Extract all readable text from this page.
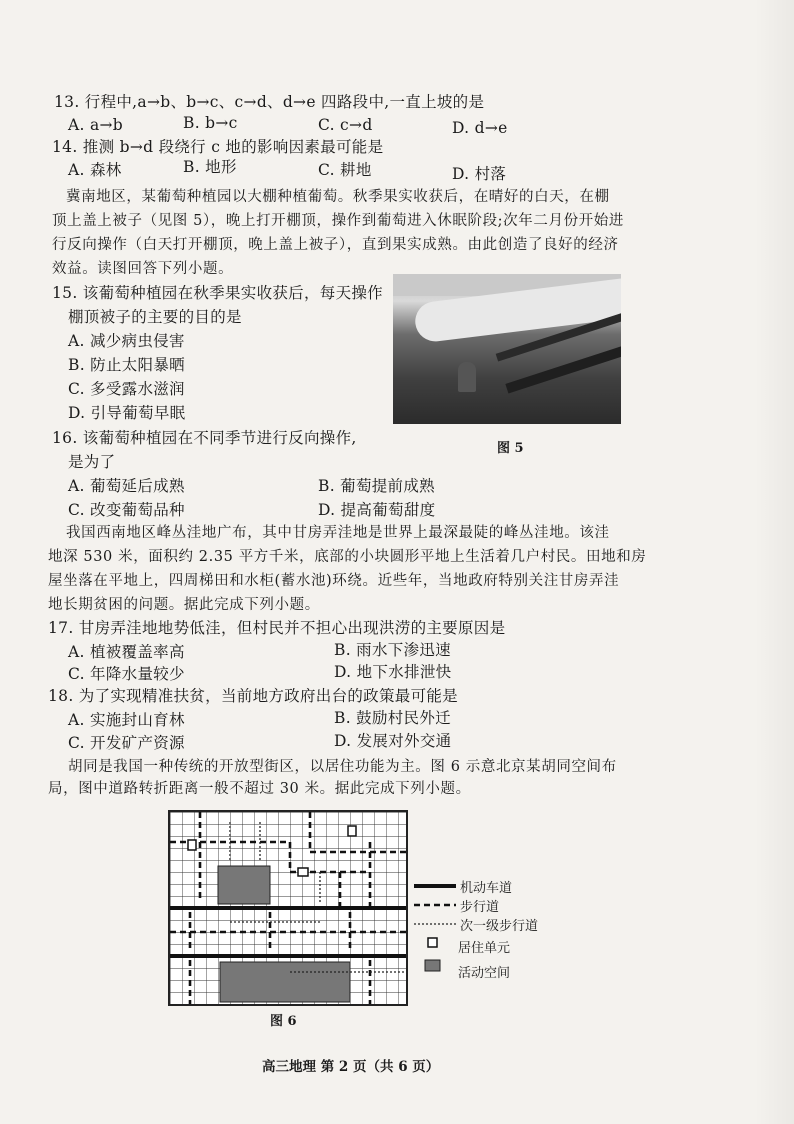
13. 行程中,a→b、b→c、c→d、d→e 四路段中,一直上坡的是
A. a→b	B. b→c	C. c→d	D. d→e
14. 推测 b→d 段绕行 c 地的影响因素最可能是
A. 森林	B. 地形	C. 耕地	D. 村落
冀南地区，某葡萄种植园以大棚种植葡萄。秋季果实收获后，在晴好的白天，在棚
顶上盖上被子（见图 5），晚上打开棚顶，操作到葡萄进入休眠阶段;次年二月份开始进
行反向操作（白天打开棚顶，晚上盖上被子），直到果实成熟。由此创造了良好的经济
效益。读图回答下列小题。
15. 该葡萄种植园在秋季果实收获后，每天操作
棚顶被子的主要的目的是
A. 减少病虫侵害
B. 防止太阳暴晒
C. 多受露水滋润
D. 引导葡萄早眠
图 5
16. 该葡萄种植园在不同季节进行反向操作,
是为了
A. 葡萄延后成熟	B. 葡萄提前成熟
C. 改变葡萄品种	D. 提高葡萄甜度
我国西南地区峰丛洼地广布，其中甘房弄洼地是世界上最深最陡的峰丛洼地。该洼
地深 530 米，面积约 2.35 平方千米，底部的小块圆形平地上生活着几户村民。田地和房
屋坐落在平地上，四周梯田和水柜(蓄水池)环绕。近些年，当地政府特别关注甘房弄洼
地长期贫困的问题。据此完成下列小题。
17. 甘房弄洼地地势低洼，但村民并不担心出现洪涝的主要原因是
A. 植被覆盖率高	B. 雨水下渗迅速
C. 年降水量较少	D. 地下水排泄快
18. 为了实现精准扶贫，当前地方政府出台的政策最可能是
A. 实施封山育林	B. 鼓励村民外迁
C. 开发矿产资源	D. 发展对外交通
胡同是我国一种传统的开放型街区，以居住功能为主。图 6 示意北京某胡同空间布
局，图中道路转折距离一般不超过 30 米。据此完成下列小题。
图 6
机动车道
步行道
次一级步行道
居住单元
活动空间
高三地理 第 2 页（共 6 页）
